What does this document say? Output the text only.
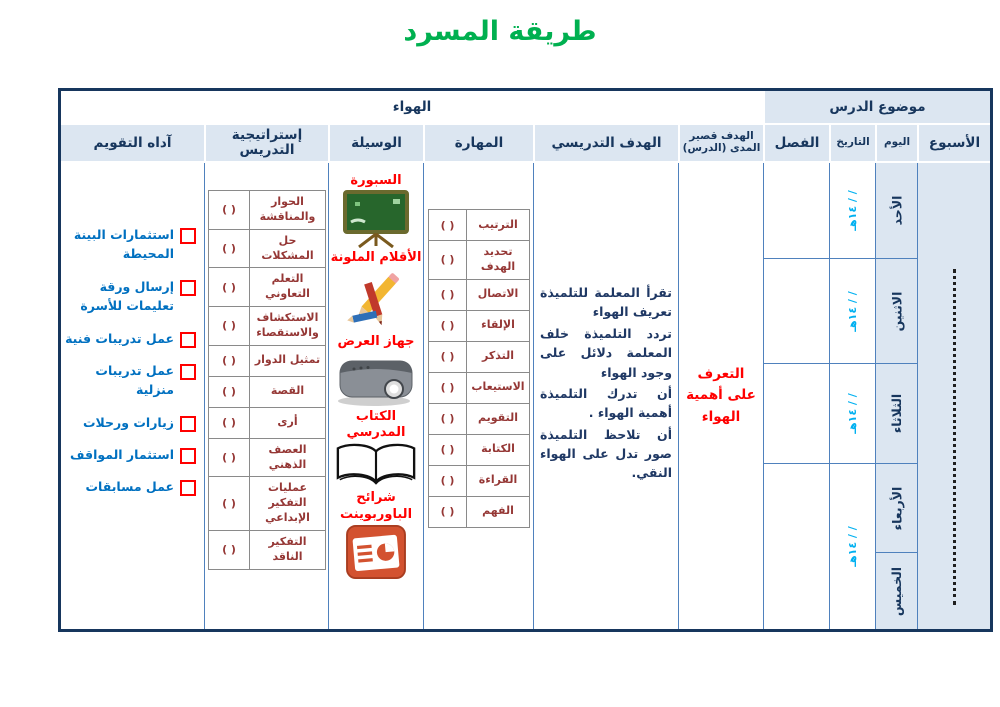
طريقة المسرد
موضوع الدرس
الهواء
الأسبوع
اليوم
التاريخ
الفصل
الهدف قصير المدى (الدرس)
الهدف التدريسي
المهارة
الوسيلة
إستراتيجية التدريس
آداه التقويم
الأحد
الاثنين
الثلاثاء
الأربعاء
الخميس
/ / ١٤هـ
/ / ١٤هـ
/ / ١٤هـ
/ / ١٤هـ
التعرف على أهمية الهواء

تقرأ المعلمة للتلميذة تعريف الهواء

تردد التلميذة خلف المعلمة دلائل على وجود الهواء

أن تدرك التلميذة أهمية الهواء .

أن تلاحظ التلميذة صور تدل على الهواء النقي.

الترتيب
( )
تحديد الهدف
( )
الاتصال
( )
الإلقاء
( )
التذكر
( )
الاستيعاب
( )
التقويم
( )
الكتابة
( )
القراءة
( )
الفهم
( )
السبورة
الأقلام الملونة
جهاز العرض
الكتاب المدرسي
شرائح الباوربوينت
الحوار والمناقشة
( )
حل المشكلات
( )
التعلم التعاوني
( )
الاستكشاف والاستقصاء
( )
تمثيل الدوار
( )
القصة
( )
أرى
( )
العصف الذهني
( )
عمليات التفكير الإبداعي
( )
التفكير الناقد
( )
استثمارات البينة المحيطة
إرسال ورقة تعليمات للأسرة
عمل تدريبات فنية
عمل تدريبات منزلية
زيارات ورحلات
استثمار المواقف
عمل مسابقات
